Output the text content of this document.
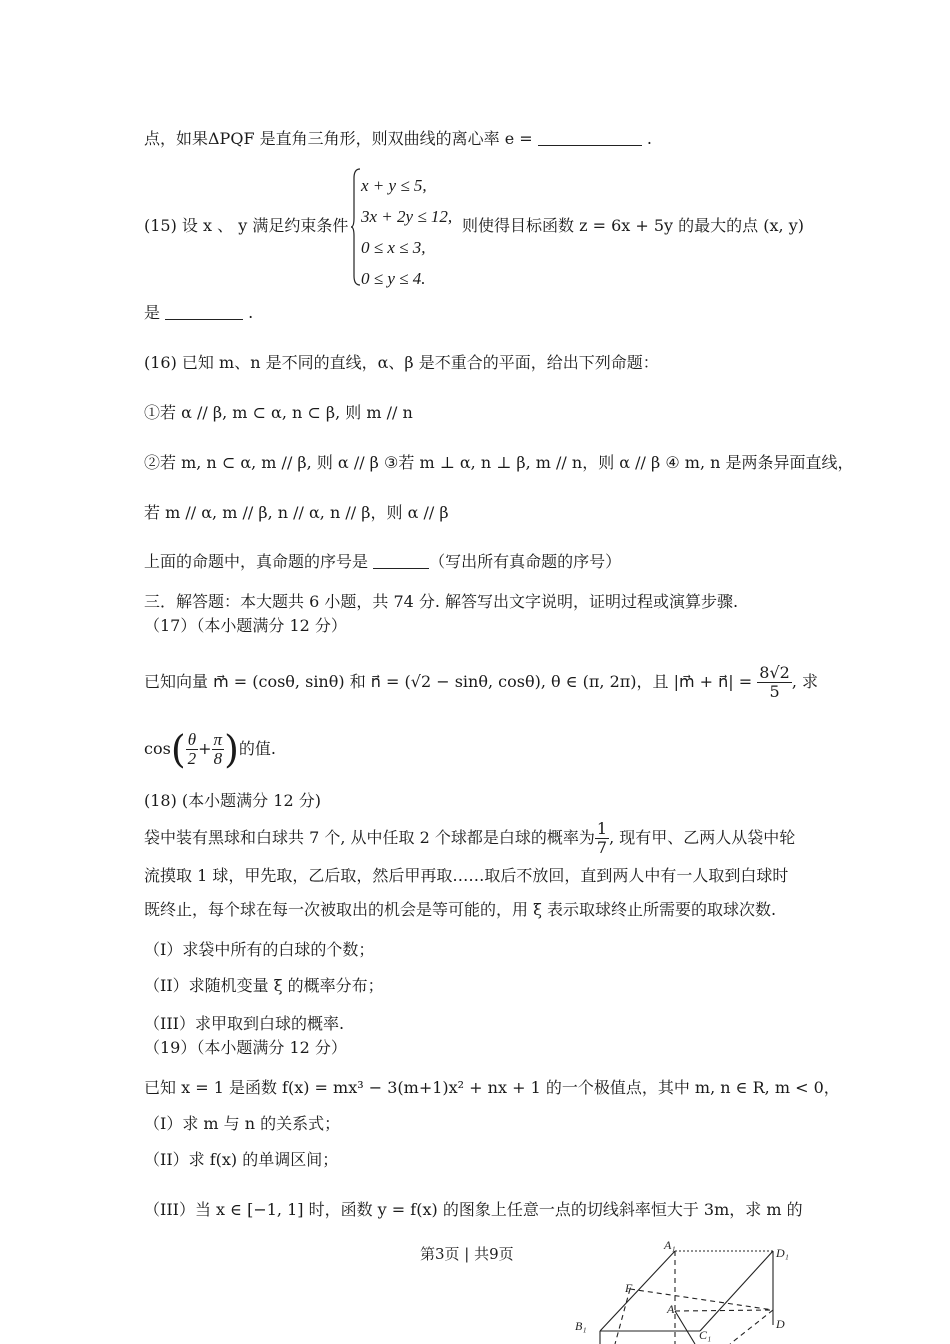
点，如果ΔPQF 是直角三角形，则双曲线的离心率 e =	.
(15) 设 x 、 y 满足约束条件
x + y ≤ 5,
3x + 2y ≤ 12,
0 ≤ x ≤ 3,
0 ≤ y ≤ 4.
则使得目标函数 z = 6x + 5y 的最大的点 (x, y)
是	.
(16) 已知 m、n 是不同的直线，α、β 是不重合的平面，给出下列命题：
①若 α // β, m ⊂ α, n ⊂ β, 则 m // n
②若 m, n ⊂ α, m // β, 则 α // β ③若 m ⊥ α, n ⊥ β, m // n，则 α // β ④ m, n 是两条异面直线，
若 m // α, m // β, n // α, n // β，则 α // β
上面的命题中，真命题的序号是	（写出所有真命题的序号）
三．解答题：本大题共 6 小题，共 74 分. 解答写出文字说明，证明过程或演算步骤.
（17）（本小题满分 12 分）
已知向量 m⃗ = (cosθ, sinθ) 和 n⃗ = (√2 − sinθ, cosθ), θ ∈ (π, 2π)，且 |m⃗ + n⃗| = $\frac{8√2}{5}$ , 求
$\cos( \frac{\theta}{2} + \frac{\pi}{8}$ )的值.
(18) (本小题满分 12 分)
袋中装有黑球和白球共 7 个, 从中任取 2 个球都是白球的概率为 $\frac{1}{7}$ , 现有甲、乙两人从袋中轮
流摸取 1 球，甲先取，乙后取，然后甲再取……取后不放回，直到两人中有一人取到白球时
既终止，每个球在每一次被取出的机会是等可能的，用 ξ 表示取球终止所需要的取球次数.
（I）求袋中所有的白球的个数；
（II）求随机变量 ξ 的概率分布；
（III）求甲取到白球的概率.
（19）（本小题满分 12 分）
已知 x = 1 是函数 f(x) = mx³ − 3(m+1)x² + nx + 1 的一个极值点，其中 m, n ∈ R, m < 0，
（I）求 m 与 n 的关系式；
（II）求 f(x) 的单调区间；
（III）当 x ∈ [−1, 1] 时，函数 y = f(x) 的图象上任意一点的切线斜率恒大于 3m，求 m 的
第3页 | 共9页	A₁
D₁
F
A
D
B₁
C₁
